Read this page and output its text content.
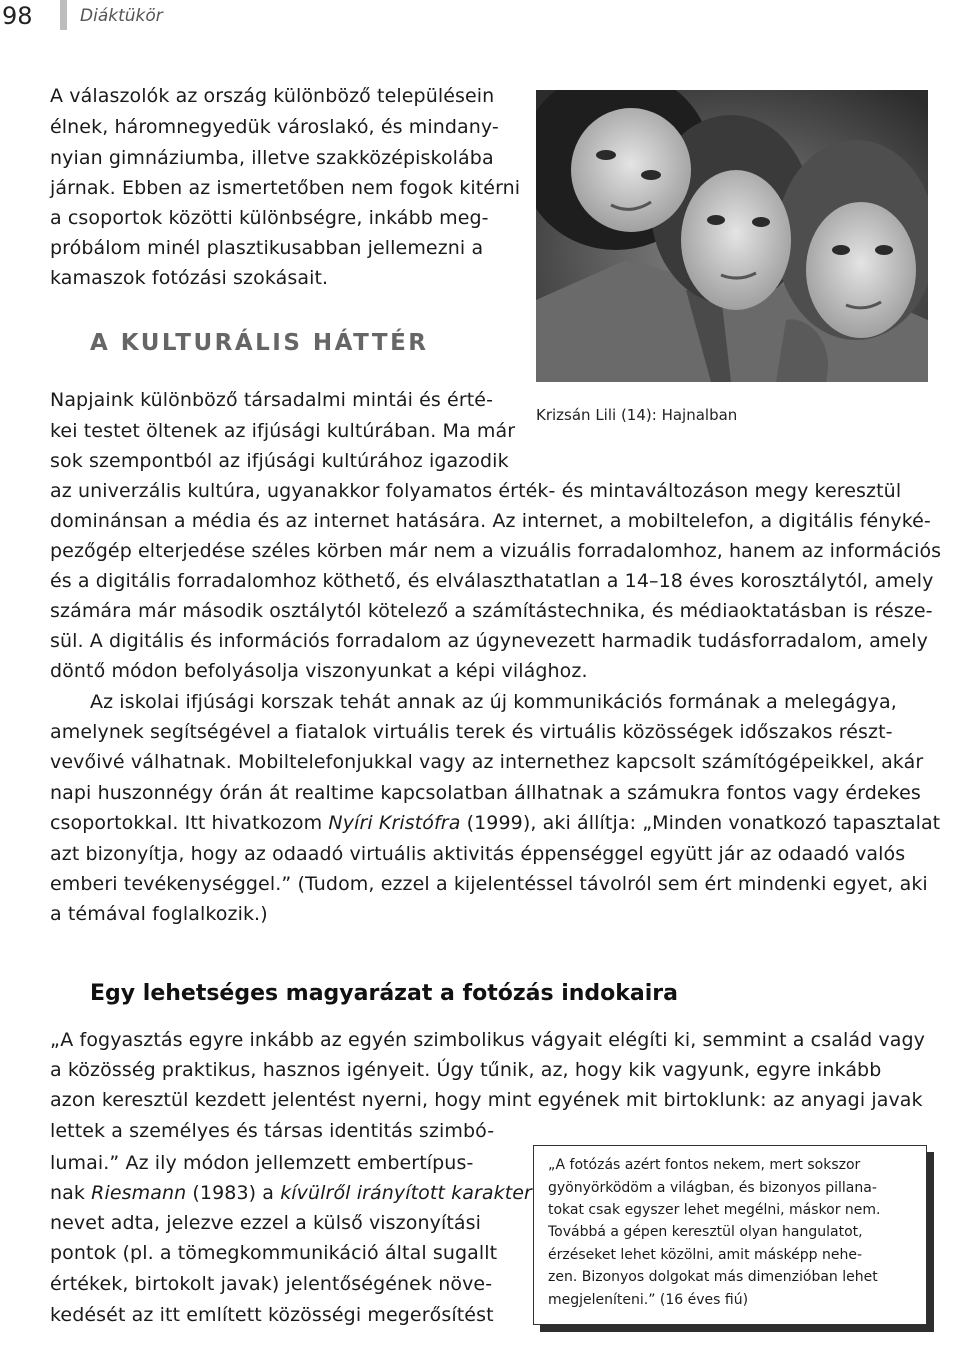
98	Diáktükör
A válaszolók az ország különböző településein
élnek, háromnegyedük városlakó, és mindany-
nyian gimnáziumba, illetve szakközépiskolába
járnak. Ebben az ismertetőben nem fogok kitérni
a csoportok közötti különbségre, inkább meg-
próbálom minél plasztikusabban jellemezni a
kamaszok fotózási szokásait.
Krizsán Lili (14): Hajnalban
A KULTURÁLIS HÁTTÉR
Napjaink különböző társadalmi mintái és érté-
kei testet öltenek az ifjúsági kultúrában. Ma már
sok szempontból az ifjúsági kultúrához igazodik
az univerzális kultúra, ugyanakkor folyamatos érték- és mintaváltozáson megy keresztül
dominánsan a média és az internet hatására. Az internet, a mobiltelefon, a digitális fényké-
pezőgép elterjedése széles körben már nem a vizuális forradalomhoz, hanem az információs
és a digitális forradalomhoz köthető, és elválaszthatatlan a 14–18 éves korosztálytól, amely
számára már második osztálytól kötelező a számítástechnika, és médiaoktatásban is része-
sül. A digitális és információs forradalom az úgynevezett harmadik tudásforradalom, amely
döntő módon befolyásolja viszonyunkat a képi világhoz.
Az iskolai ifjúsági korszak tehát annak az új kommunikációs formának a melegágya,
amelynek segítségével a fiatalok virtuális terek és virtuális közösségek időszakos részt-
vevőivé válhatnak. Mobiltelefonjukkal vagy az internethez kapcsolt számítógépeikkel, akár
napi huszonnégy órán át realtime kapcsolatban állhatnak a számukra fontos vagy érdekes
csoportokkal. Itt hivatkozom Nyíri Kristófra (1999), aki állítja: „Minden vonatkozó tapasztalat
azt bizonyítja, hogy az odaadó virtuális aktivitás éppenséggel együtt jár az odaadó valós
emberi tevékenységgel.” (Tudom, ezzel a kijelentéssel távolról sem ért mindenki egyet, aki
a témával foglalkozik.)
Egy lehetséges magyarázat a fotózás indokaira
„A fogyasztás egyre inkább az egyén szimbolikus vágyait elégíti ki, semmint a család vagy
a közösség praktikus, hasznos igényeit. Úgy tűnik, az, hogy kik vagyunk, egyre inkább
azon keresztül kezdett jelentést nyerni, hogy mint egyének mit birtoklunk: az anyagi javak
lettek a személyes és társas identitás szimbó-
lumai.” Az ily módon jellemzett embertípus-
nak Riesmann (1983) a kívülről irányított karakter
nevet adta, jelezve ezzel a külső viszonyítási
pontok (pl. a tömegkommunikáció által sugallt
értékek, birtokolt javak) jelentőségének növe-
kedését az itt említett közösségi megerősítést
„A fotózás azért fontos nekem, mert sokszor
gyönyörködöm a világban, és bizonyos pillana-
tokat csak egyszer lehet megélni, máskor nem.
Továbbá a gépen keresztül olyan hangulatot,
érzéseket lehet közölni, amit másképp nehe-
zen. Bizonyos dolgokat más dimenzióban lehet
megjeleníteni.” (16 éves fiú)
